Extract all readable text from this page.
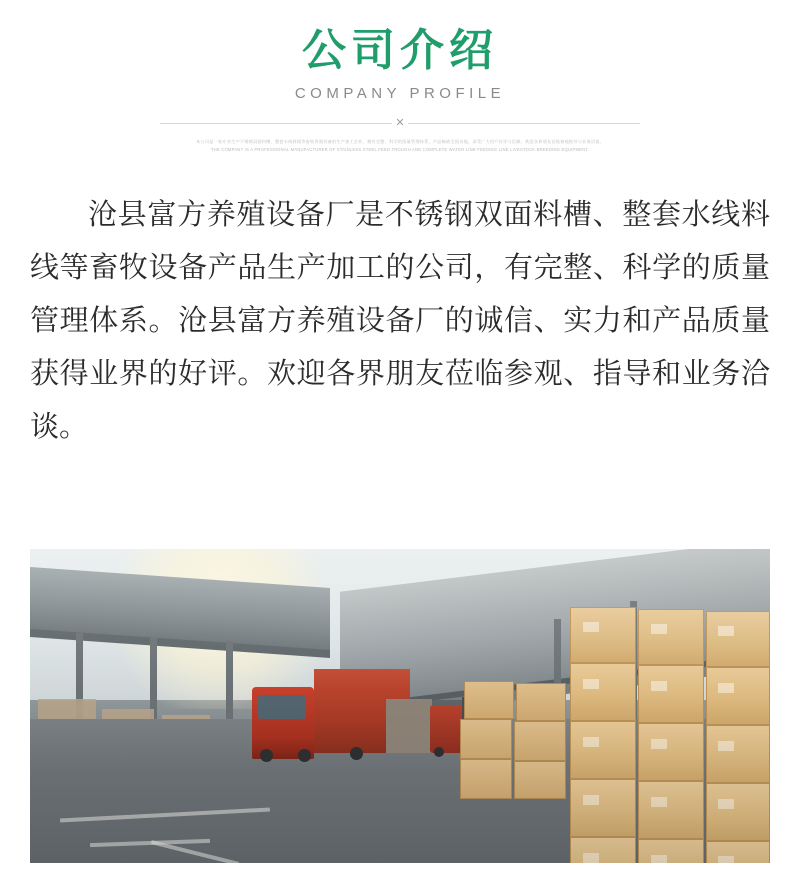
公司介绍
COMPANY PROFILE
✕
本公司是一家专业生产不锈钢双面料槽、整套水线料线等畜牧养殖设备的生产加工企业，拥有完整、科学的质量管理体系，产品畅销全国各地，深受广大用户好评与信赖，欢迎各界朋友莅临参观指导与业务洽谈。
THE COMPANY IS A PROFESSIONAL MANUFACTURER OF STAINLESS STEEL FEED TROUGH AND COMPLETE WATER LINE FEEDING LINE LIVESTOCK BREEDING EQUIPMENT.
沧县富方养殖设备厂是不锈钢双面料槽、整套水线料线等畜牧设备产品生产加工的公司，有完整、科学的质量管理体系。沧县富方养殖设备厂的诚信、实力和产品质量获得业界的好评。欢迎各界朋友莅临参观、指导和业务洽谈。
